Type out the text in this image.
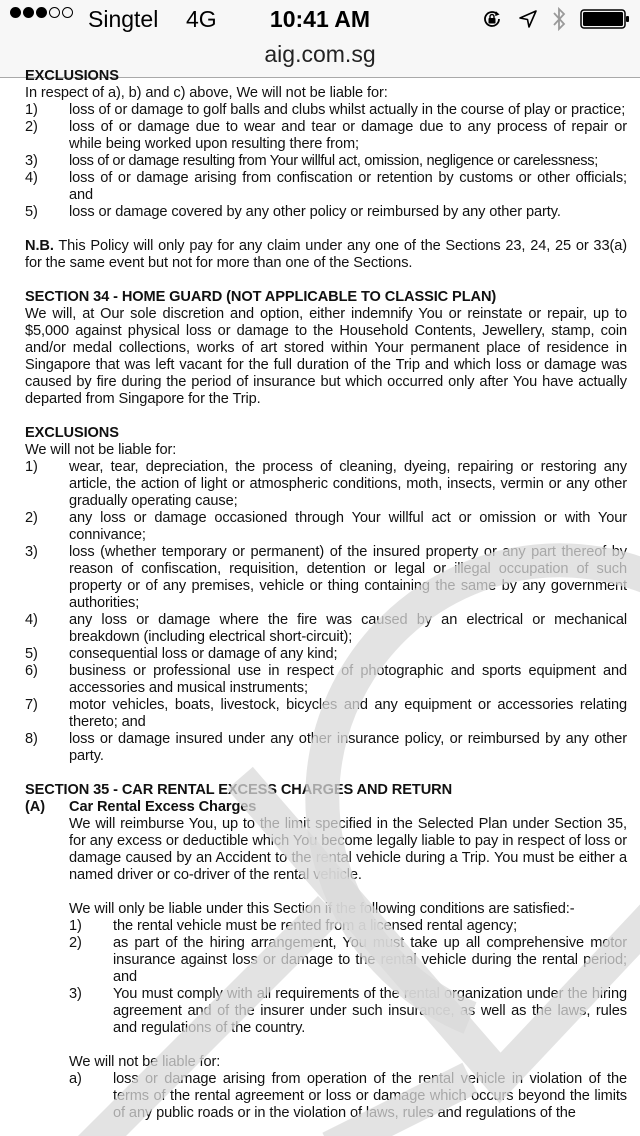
Singtel 4G	10:41 AM
aig.com.sg

EXCLUSIONS

In respect of a), b) and c) above, We will not be liable for:

1)	loss of or damage to golf balls and clubs whilst actually in the course of play or practice;
2)	loss of or damage due to wear and tear or damage due to any process of repair or while being worked upon resulting there from;
3)	loss of or damage resulting from Your willful act, omission, negligence or carelessness;
4)	loss of or damage arising from confiscation or retention by customs or other officials; and
5)	loss or damage covered by any other policy or reimbursed by any other party.

N.B. This Policy will only pay for any claim under any one of the Sections 23, 24, 25 or 33(a) for the same event but not for more than one of the Sections.

SECTION 34 - HOME GUARD (NOT APPLICABLE TO CLASSIC PLAN)

We will, at Our sole discretion and option, either indemnify You or reinstate or repair, up to $5,000 against physical loss or damage to the Household Contents, Jewellery, stamp, coin and/or medal collections, works of art stored within Your permanent place of residence in Singapore that was left vacant for the full duration of the Trip and which loss or damage was caused by fire during the period of insurance but which occurred only after You have actually departed from Singapore for the Trip.

EXCLUSIONS

We will not be liable for:

1)	wear, tear, depreciation, the process of cleaning, dyeing, repairing or restoring any article, the action of light or atmospheric conditions, moth, insects, vermin or any other gradually operating cause;
2)	any loss or damage occasioned through Your willful act or omission or with Your connivance;
3)	loss (whether temporary or permanent) of the insured property or any part thereof by reason of confiscation, requisition, detention or legal or illegal occupation of such property or of any premises, vehicle or thing containing the same by any government authorities;
4)	any loss or damage where the fire was caused by an electrical or mechanical breakdown (including electrical short-circuit);
5)	consequential loss or damage of any kind;
6)	business or professional use in respect of photographic and sports equipment and accessories and musical instruments;
7)	motor vehicles, boats, livestock, bicycles and any equipment or accessories relating thereto; and
8)	loss or damage insured under any other insurance policy, or reimbursed by any other party.

SECTION 35 - CAR RENTAL EXCESS CHARGES AND RETURN

(A)	Car Rental Excess Charges

We will reimburse You, up to the limit specified in the Selected Plan under Section 35, for any excess or deductible which You become legally liable to pay in respect of loss or damage caused by an Accident to the rental vehicle during a Trip. You must be either a named driver or co-driver of the rental vehicle.

We will only be liable under this Section if the following conditions are satisfied:-

1)	the rental vehicle must be rented from a licensed rental agency;
2)	as part of the hiring arrangement, You must take up all comprehensive motor insurance against loss or damage to the rental vehicle during the rental period; and
3)	You must comply with all requirements of the rental organization under the hiring agreement and of the insurer under such insurance, as well as the laws, rules and regulations of the country.

We will not be liable for:

a)	loss or damage arising from operation of the rental vehicle in violation of the terms of the rental agreement or loss or damage which occurs beyond the limits of any public roads or in the violation of laws, rules and regulations of the
